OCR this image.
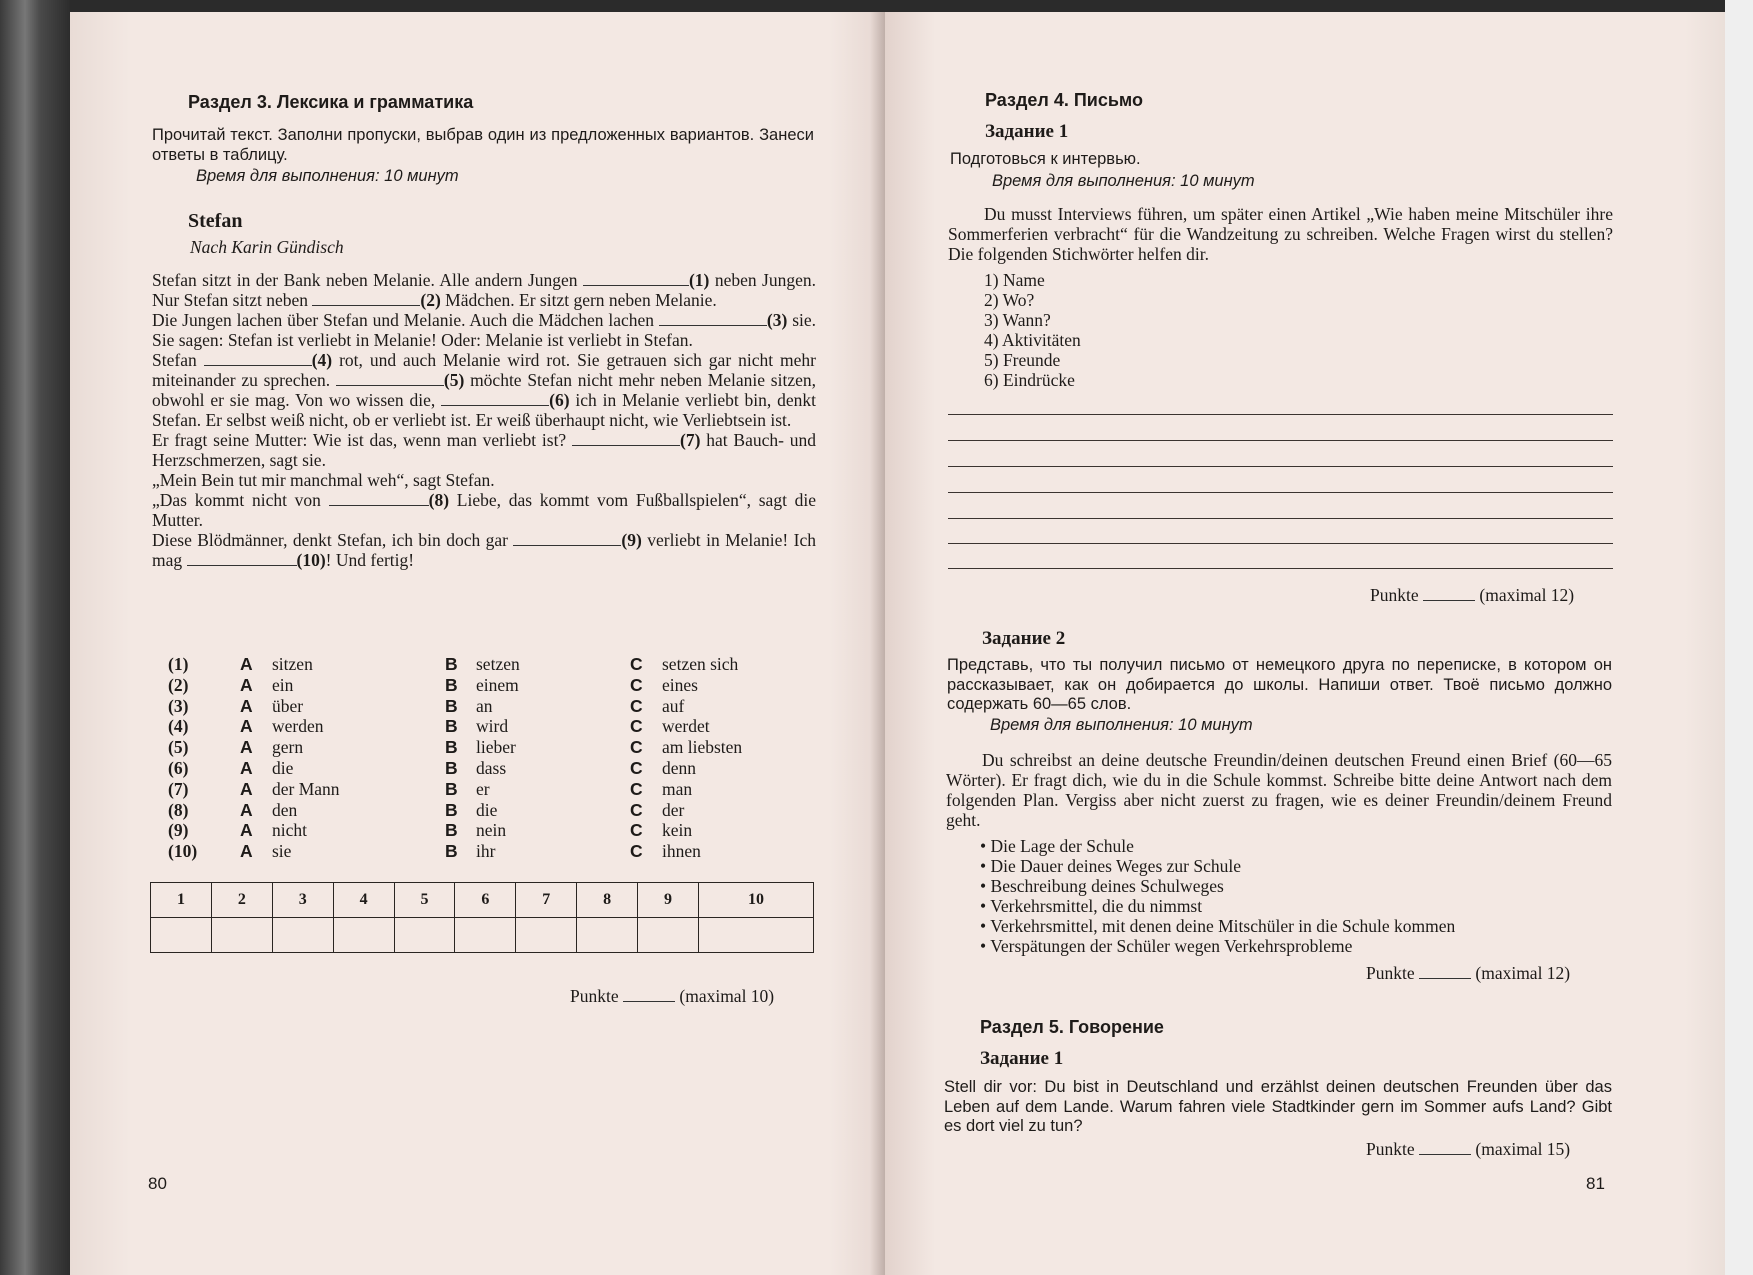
Раздел 3. Лексика и грамматика
Прочитай текст. Заполни пропуски, выбрав один из предложенных вариантов. Занеси ответы в таблицу.
Время для выполнения: 10 минут
Stefan
Nach Karin Gündisch
Stefan sitzt in der Bank neben Melanie. Alle andern Jungen	(1) neben Jungen. Nur Stefan sitzt neben	(2) Mädchen. Er sitzt gern neben Melanie.
Die Jungen lachen über Stefan und Melanie. Auch die Mädchen lachen	(3) sie. Sie sagen: Stefan ist verliebt in Melanie! Oder: Melanie ist verliebt in Stefan.
Stefan	(4) rot, und auch Melanie wird rot. Sie getrauen sich gar nicht mehr miteinander zu sprechen.	(5) möchte Stefan nicht mehr neben Melanie sitzen, obwohl er sie mag. Von wo wissen die,	(6) ich in Melanie verliebt bin, denkt Stefan. Er selbst weiß nicht, ob er verliebt ist. Er weiß überhaupt nicht, wie Verliebtsein ist.
Er fragt seine Mutter: Wie ist das, wenn man verliebt ist?	(7) hat Bauch- und Herzschmerzen, sagt sie.
„Mein Bein tut mir manchmal weh“, sagt Stefan.
„Das kommt nicht von	(8) Liebe, das kommt vom Fußballspielen“, sagt die Mutter.
Diese Blödmänner, denkt Stefan, ich bin doch gar	(9) verliebt in Melanie! Ich mag	(10)! Und fertig!
(1)	A sitzen	B setzen	C setzen sich
(2)	A ein	B einem	C eines
(3)	A über	B an	C auf
(4)	A werden	B wird	C werdet
(5)	A gern	B lieber	C am liebsten
(6)	A die	B dass	C denn
(7)	A der Mann	B er	C man
(8)	A den	B die	C der
(9)	A nicht	B nein	C kein
(10) A sie	B ihr	C ihnen
1	2	3	4	5	6	7	8	9	10

Punkte	(maximal 10)
80
Раздел 4. Письмо
Задание 1
Подготовься к интервью.
Время для выполнения: 10 минут
Du musst Interviews führen, um später einen Artikel „Wie haben meine Mitschüler ihre Sommerferien verbracht“ für die Wandzeitung zu schreiben. Welche Fragen wirst du stellen? Die folgenden Stichwörter helfen dir.
1) Name
2) Wo?
3) Wann?
4) Aktivitäten
5) Freunde
6) Eindrücke
Punkte	(maximal 12)
Задание 2
Представь, что ты получил письмо от немецкого друга по переписке, в котором он рассказывает, как он добирается до школы. Напиши ответ. Твоё письмо должно содержать 60—65 слов.
Время для выполнения: 10 минут
Du schreibst an deine deutsche Freundin/deinen deutschen Freund einen Brief (60—65 Wörter). Er fragt dich, wie du in die Schule kommst. Schreibe bitte deine Antwort nach dem folgenden Plan. Vergiss aber nicht zuerst zu fragen, wie es deiner Freundin/deinem Freund geht.
• Die Lage der Schule
• Die Dauer deines Weges zur Schule
• Beschreibung deines Schulweges
• Verkehrsmittel, die du nimmst
• Verkehrsmittel, mit denen deine Mitschüler in die Schule kommen
• Verspätungen der Schüler wegen Verkehrsprobleme
Punkte	(maximal 12)
Раздел 5. Говорение
Задание 1
Stell dir vor: Du bist in Deutschland und erzählst deinen deutschen Freunden über das Leben auf dem Lande. Warum fahren viele Stadtkinder gern im Sommer aufs Land? Gibt es dort viel zu tun?
Punkte	(maximal 15)
81
